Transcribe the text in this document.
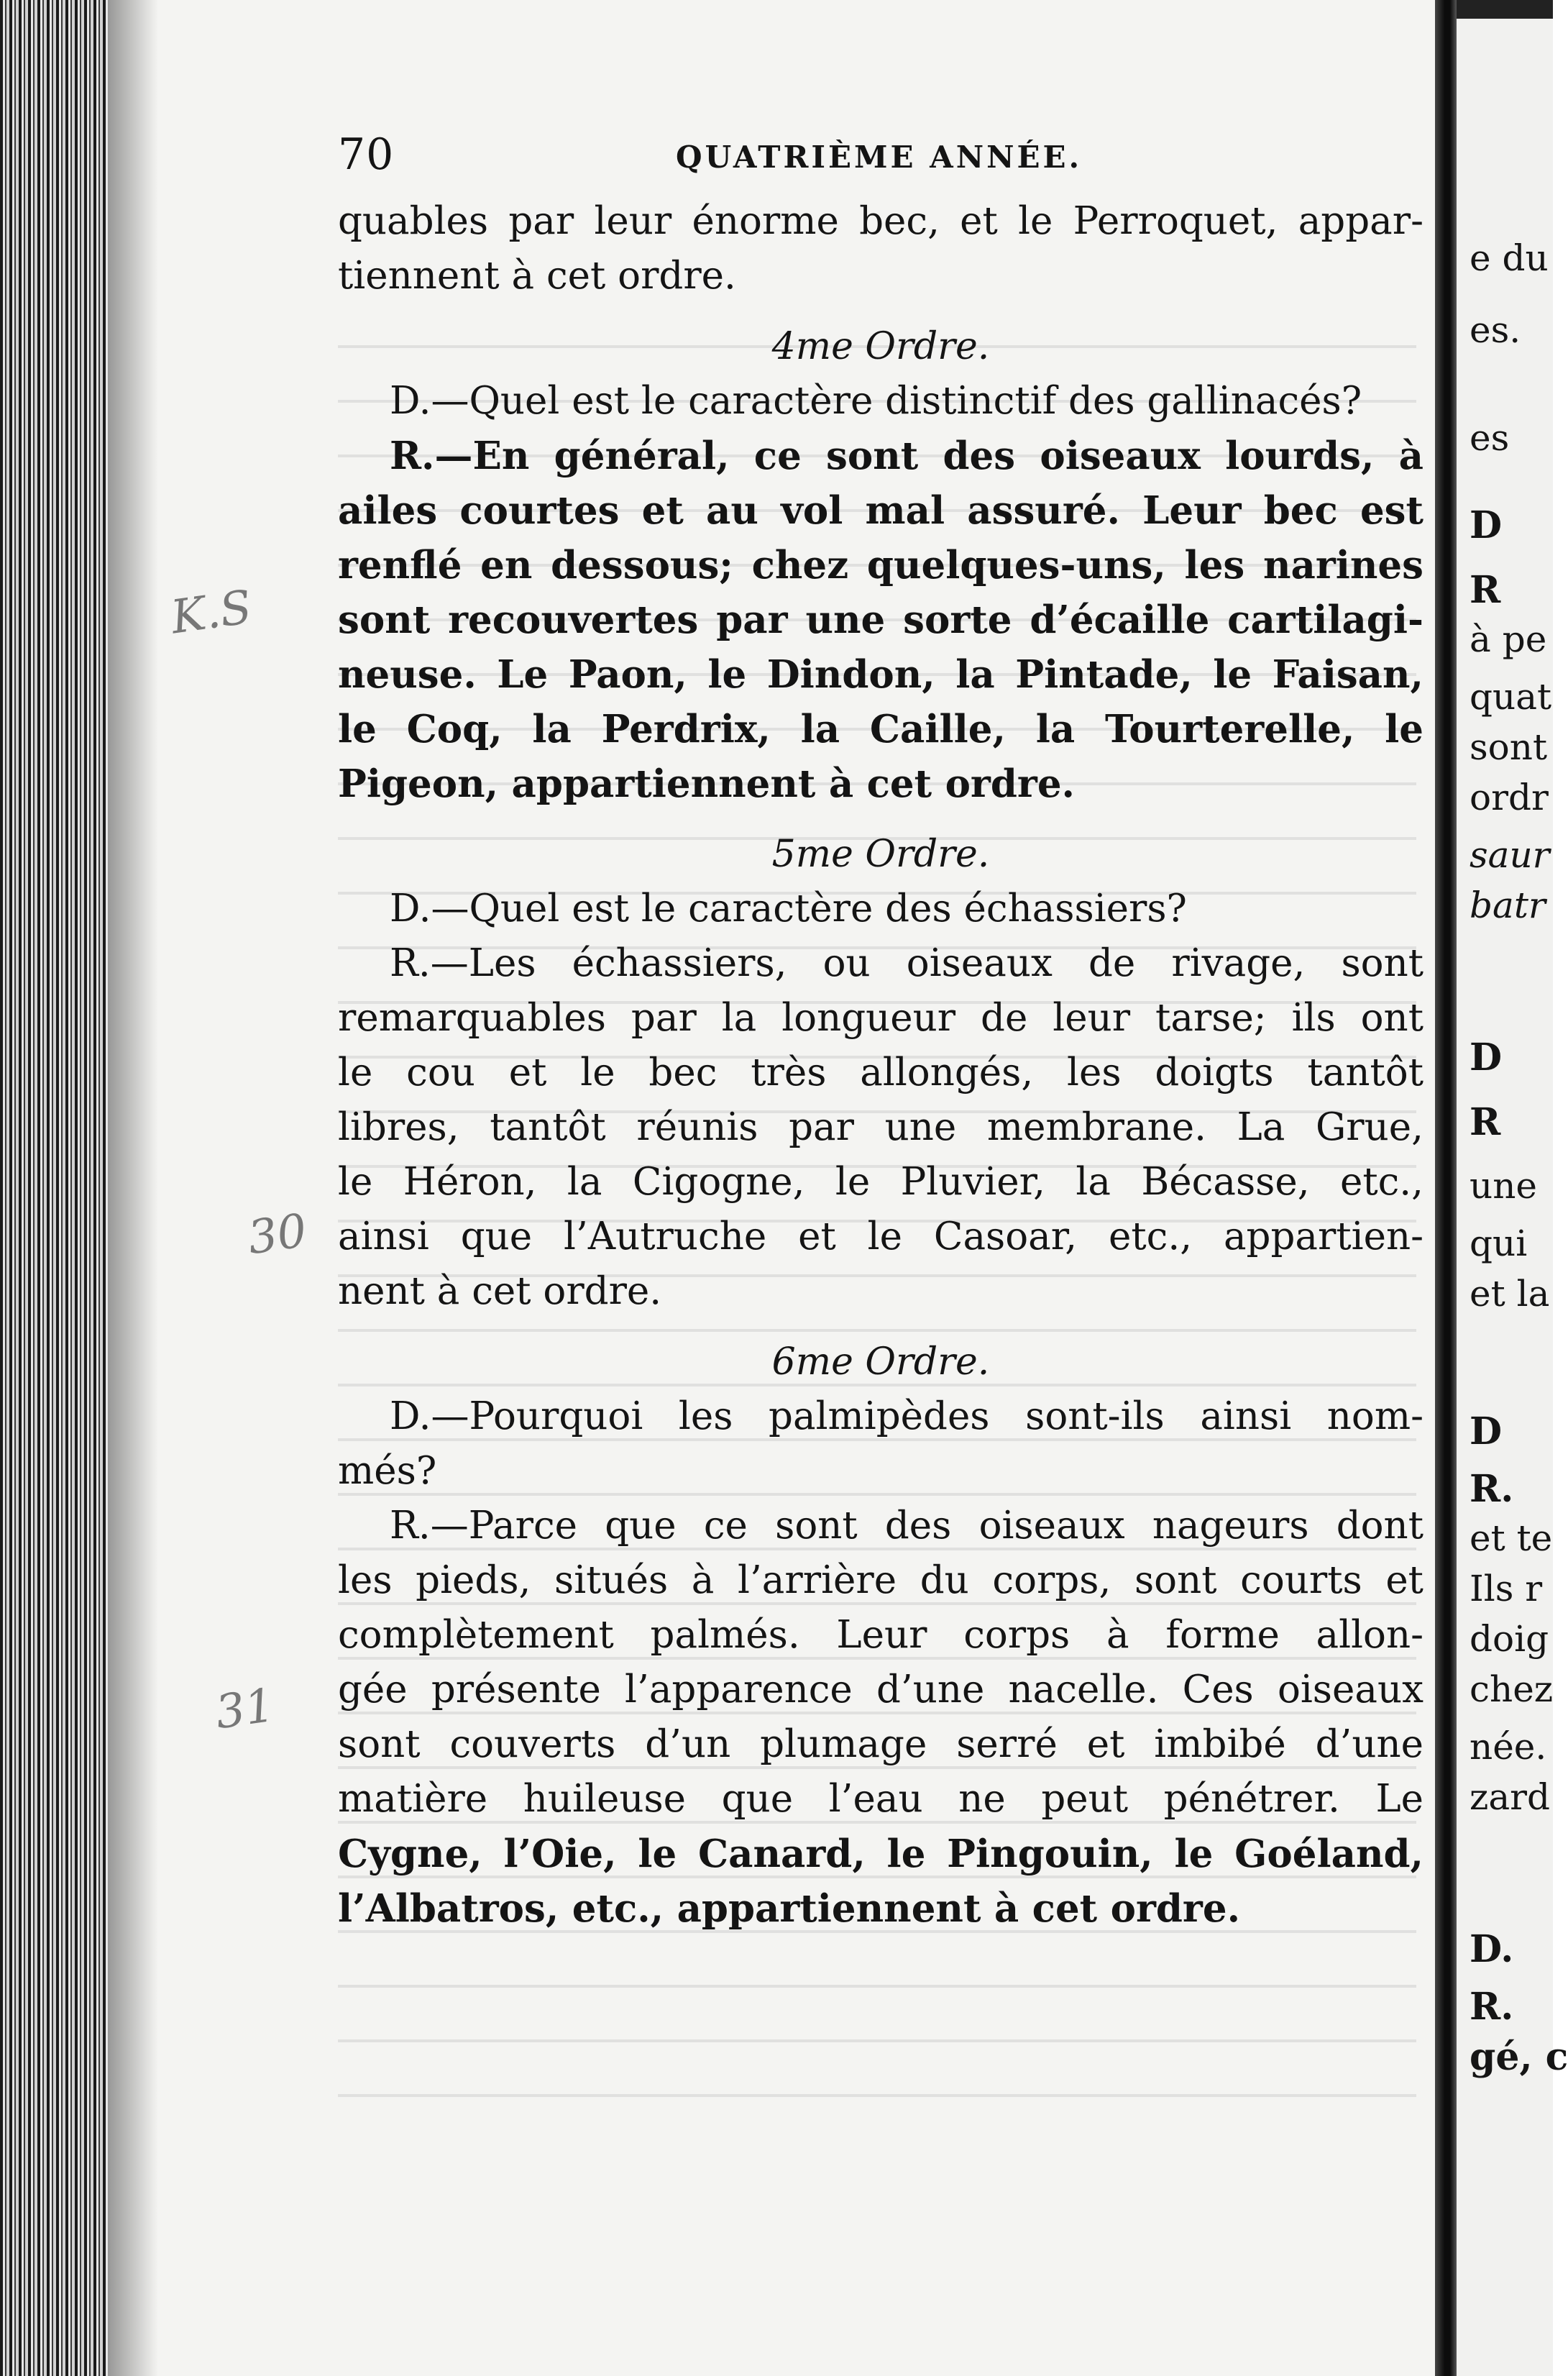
70	QUATRIÈME ANNÉE.
quables par leur énorme bec, et le Perroquet, appar-
tiennent à cet ordre.
4me Ordre.
D.—Quel est le caractère distinctif des gallinacés?
R.—En général, ce sont des oiseaux lourds, à
ailes courtes et au vol mal assuré. Leur bec est
renflé en dessous; chez quelques-uns, les narines
sont recouvertes par une sorte d’écaille cartilagi-
neuse. Le Paon, le Dindon, la Pintade, le Faisan,
le Coq, la Perdrix, la Caille, la Tourterelle, le
Pigeon, appartiennent à cet ordre.
5me Ordre.
D.—Quel est le caractère des échassiers?
R.—Les échassiers, ou oiseaux de rivage, sont
remarquables par la longueur de leur tarse; ils ont
le cou et le bec très allongés, les doigts tantôt
libres, tantôt réunis par une membrane. La Grue,
le Héron, la Cigogne, le Pluvier, la Bécasse, etc.,
ainsi que l’Autruche et le Casoar, etc., appartien-
nent à cet ordre.
6me Ordre.
D.—Pourquoi les palmipèdes sont-ils ainsi nom-
més?
R.—Parce que ce sont des oiseaux nageurs dont
les pieds, situés à l’arrière du corps, sont courts et
complètement palmés. Leur corps à forme allon-
gée présente l’apparence d’une nacelle. Ces oiseaux
sont couverts d’un plumage serré et imbibé d’une
matière huileuse que l’eau ne peut pénétrer. Le
Cygne, l’Oie, le Canard, le Pingouin, le Goéland,
l’Albatros, etc., appartiennent à cet ordre.
K.S
30
31
e du
es.
es
D
R
à pe
quat
sont
ordr
saur
batr
D
R
une
qui
et la
D
R.
et te
Ils r
doig
chez
née.
zard
D.
R.
gé, c
